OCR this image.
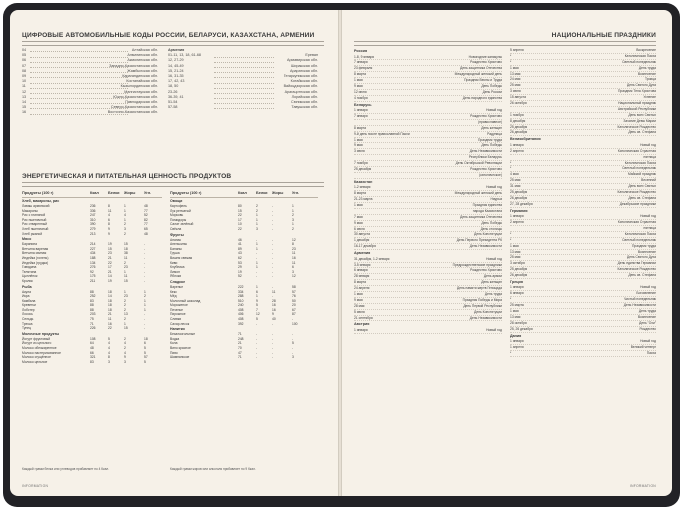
ЦИФРОВЫЕ АВТОМОБИЛЬНЫЕ КОДЫ РОССИИ, БЕЛАРУСИ, КАЗАХСТАНА, АРМЕНИИ
04	Алтайская обл.
05	Алматинская обл.
06	Акмолинская обл.
07	Западно-Казахстанская обл.
08	Жамбылская обл.
09	Карагандинская обл.
10	Костанайская обл.
11	Кызылординская обл.
12	Мангистауская обл.
13	Южно-Казахстанская обл.
14	Павлодарская обл.
15	Северо-Казахстанская обл.
16	Восточно-Казахстанская обл.
Армения
01-11, 13, 18, 61-68	Ереван
12, 27-29	Армавирская обл.
14, 45-49	Ширакская обл.
15, 21-24	Араратская обл.
16, 31-35	Гегаркуникская обл.
17, 42, 43	Котайкская обл.
18, 50	Вайоцдзорская обл.
23-26	Арагацотнская обл.
36-39, 41	Лорийская обл.
51-54	Сюникская обл.
57-58	Тавушская обл.
ЭНЕРГЕТИЧЕСКАЯ И ПИТАТЕЛЬНАЯ ЦЕННОСТЬ ПРОДУКТОВ
Продукты (100 г)	Ккал Белки Жиры Угл.
Хлеб, макароны, рис
Лаваш армянский	236	8	1	48
Макароны	336	11	1	77
Рис с глиняной	247	4	4	52
Рис пшеничный	310	6	1	82
Рис отваренный	390	8	2	77
Хлеб пшеничный	279	9	3	65
Хлеб ржаной	213	9	2	48
Мясо
Баранина	214	19	15	-
Ветчина вареная	227	15	18	-
Ветчина свиная	434	23	38	-
Индейка (голень)	188	21	11	-
Индейка (грудка)	134	22	2	-
Говядина	276	17	23	-
Телятина	92	21	1	-
Цыплёнок	175	14	11	-
Кролик	211	19	15	-
Рыба
Акула	88	18	1	1
Икра	252	14	23	2
Камбала	83	18	2	1
Креветки	88	18	2	1
Лобстер	88	18	2	1
Лосось	203	21	13	-
Сельдь	75	11	2	-
Треска	71	16	1	-
Тунец	226	22	15	-
Молочные продукты
Йогурт фруктовый	108	5	2	18
Йогурт из цельного	64	4	4	6
Молоко обезжиренное	48	4	2	5
Молоко пастеризованное	66	4	4	5
Молоко сгущённое	321	8	9	57
Молоко цельное	83	3	3	5
Продукты (100 г)	Ккал Белки Жиры Угл.
Овощи
Картофель	80	2	-	1
Лук репчатый	15	2	-	1
Морковь	22	1	-	2
Помидоры	17	1	-	3
Салат зелёный	10	1	-	1
Свёкла	22	3	-	2
Фрукты
Ананас	46	-	-	12
Апельсины	41	1	-	8
Бананы	89	1	-	23
Груша	43	-	-	11
Вишня свежая	62	-	-	16
Киви	53	1	-	11
Клубника	29	1	-	6
Лимон	19	-	-	3
Яблоки	52	-	-	12
Сладкое
Варенье	222	1	-	58
Кекс	334	6	11	57
Мёд	288	1	-	76
Молочный шоколад	510	9	28	50
Мороженое	240	5	16	20
Печенье	408	7	16	67
Пирожное	406	12	9	87
Сливки	408	5	40	-
Сахар-песок	392	-	-	100
Напитки
Безалкогольные	71	-	-	-
Водка	248	-	-	-
Кола	21	-	-	5
Вино красное	70	-	-	-
Пиво	47	-	-	-
Шампанское	71	-	-	3
Каждый грамм белка или углеводов прибавляет по 4 Ккал.	Каждый грамм жиров или алкоголя прибавляет по 9 Ккал.
INFORMATION
НАЦИОНАЛЬНЫЕ ПРАЗДНИКИ
Россия
1-8, 9 января	Новогодние каникулы
7 января	Рождество Христово
23 февраля	День защитника Отечества
8 марта	Международный женский день
1 мая	Праздник Весны и Труда
9 мая	День Победы
12 июня	День России
4 ноября	День народного единства
Беларусь
1 января	Новый год
7 января	Рождество Христово
(православное)
8 марта	День женщин
9-й день после православной Пасхи	Радуница
1 мая	Праздник труда
9 мая	День Победы
3 июля	День Независимости
Республики Беларусь
7 ноября	День Октябрьской Революции
25 декабря	Рождество Христово
(католическое)
Казахстан
1-2 января	Новый год
8 марта	Международный женский день
21-23 марта	Наурыз
1 мая	Праздник единства
народа Казахстана
7 мая	День защитника Отечества
9 мая	День Победы
6 июля	День столицы
30 августа	День Конституции
1 декабря	День Первого Президента РК
16-17 декабря	День Независимости
Армения
31 декабря, 1-2 января	Новый год
3-5 января	Предрождественские праздники
6 января	Рождество Христово
28 января	День армии
8 марта	День женщин
24 апреля	День памяти жертв Геноцида
1 мая	День труда
9 мая	Праздник Победы и Мира
28 мая	День Первой Республики
5 июля	День Конституции
21 сентября	День Независимости
Австрия
1 января	Новый год
5 апреля	Воскресение
*	Католическая Пасха
*	Светлый понедельник
1 мая	День труда
13 мая	Вознесение
24 мая	Троица
25 мая	День Святого Духа
3 июня	Праздник Тела Христова
15 августа	Успение
26 октября	Национальный праздник
Австрийской Республики
1 ноября	День всех Святых
8 декабря	Зачатие Девы Марии
25 декабря	Католическое Рождество
26 декабря	День св. Стефана
Великобритания
1 января	Новый год
2 апреля	Католическая Страстная
пятница
*	Католическая Пасха
*	Светлый понедельник
4 мая	Майский праздник
25 мая	Весенний
31 мая	День всех Святых
25 декабря	Католическое Рождество
26 декабря	День св. Стефана
27, 28 декабря	Декабрьские праздники
Германия
1 января	Новый год
2 апреля	Католическая Страстная
пятница
*	Католическая Пасха
*	Светлый понедельник
1 мая	Праздник труда
13 мая	Вознесение
25 мая	День Святого Духа
3 октября	День единства Германии
25 декабря	Католическое Рождество
26 декабря	День св. Стефана
Греция
1 января	Новый год
6 января	Богоявление
*	Чистый понедельник
25 марта	День Независимости
1 мая	День труда
13 мая	Вознесение
28 октября	День "Охи"
25, 26 декабря	Рождество
Дания
1 января	Новый год
1 апреля	Великий четверг
*	Пасха
INFORMATION
